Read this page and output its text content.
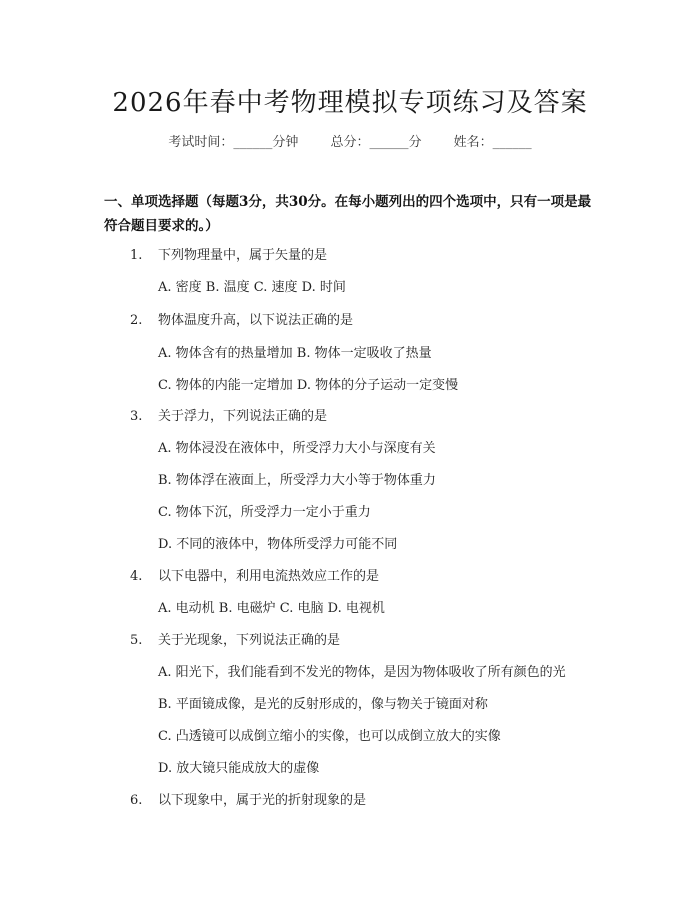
2026年春中考物理模拟专项练习及答案
考试时间：______分钟 总分：______分 姓名：______
一、单项选择题（每题3分，共30分。在每小题列出的四个选项中，只有一项是最符合题目要求的。）
1. 下列物理量中，属于矢量的是
A. 密度 B. 温度 C. 速度 D. 时间
2. 物体温度升高，以下说法正确的是
A. 物体含有的热量增加 B. 物体一定吸收了热量
C. 物体的内能一定增加 D. 物体的分子运动一定变慢
3. 关于浮力，下列说法正确的是
A. 物体浸没在液体中，所受浮力大小与深度有关
B. 物体浮在液面上，所受浮力大小等于物体重力
C. 物体下沉，所受浮力一定小于重力
D. 不同的液体中，物体所受浮力可能不同
4. 以下电器中，利用电流热效应工作的是
A. 电动机 B. 电磁炉 C. 电脑 D. 电视机
5. 关于光现象，下列说法正确的是
A. 阳光下，我们能看到不发光的物体，是因为物体吸收了所有颜色的光
B. 平面镜成像，是光的反射形成的，像与物关于镜面对称
C. 凸透镜可以成倒立缩小的实像，也可以成倒立放大的实像
D. 放大镜只能成放大的虚像
6. 以下现象中，属于光的折射现象的是
